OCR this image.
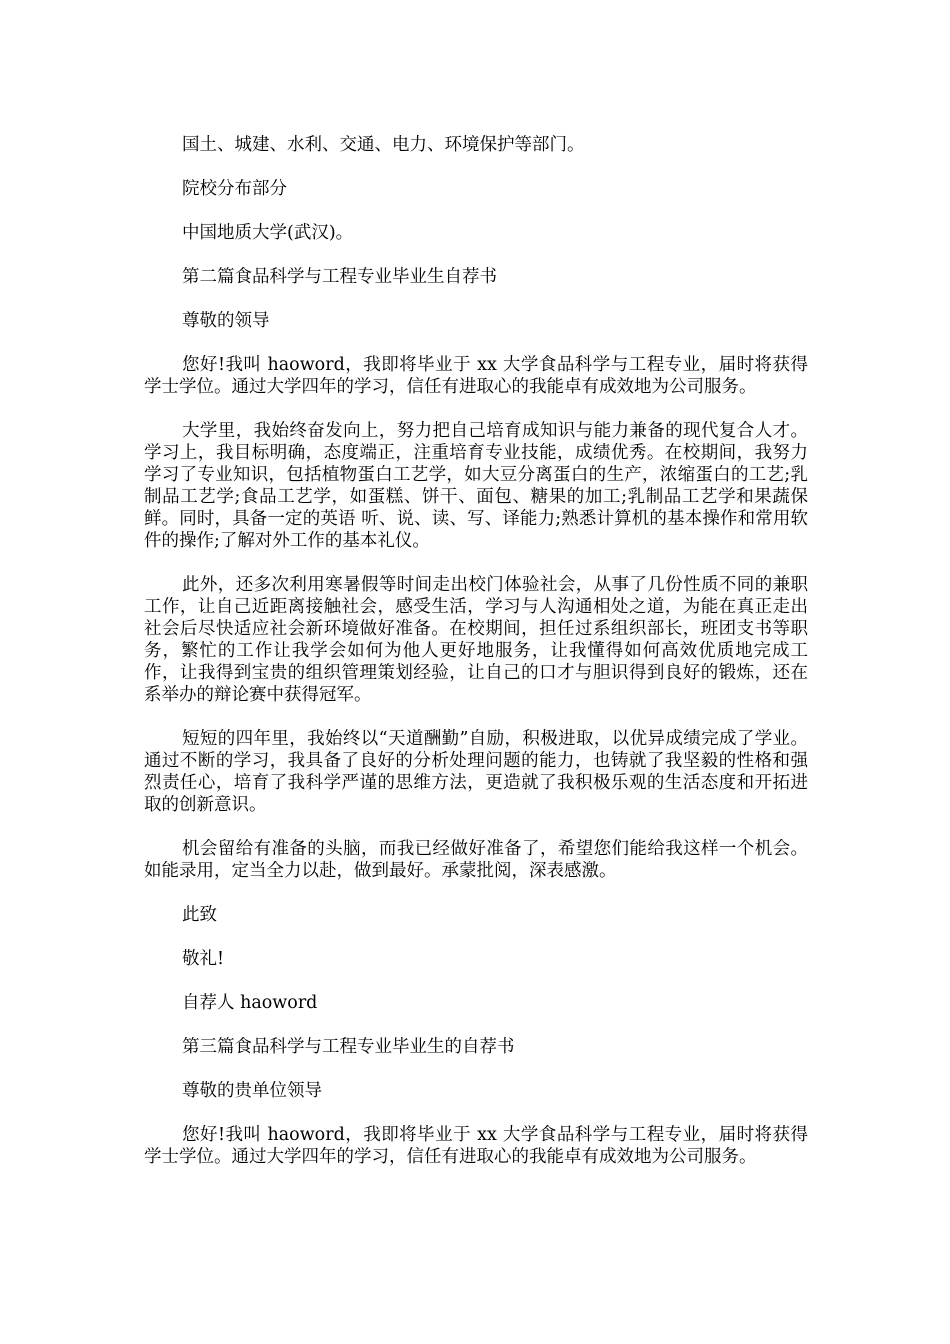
国土、城建、水利、交通、电力、环境保护等部门。

院校分布部分

中国地质大学(武汉)。

第二篇食品科学与工程专业毕业生自荐书

尊敬的领导

您好!我叫 haoword，我即将毕业于 xx 大学食品科学与工程专业，届时将获得学士学位。通过大学四年的学习，信任有进取心的我能卓有成效地为公司服务。

大学里，我始终奋发向上，努力把自己培育成知识与能力兼备的现代复合人才。学习上，我目标明确，态度端正，注重培育专业技能，成绩优秀。在校期间，我努力学习了专业知识，包括植物蛋白工艺学，如大豆分离蛋白的生产，浓缩蛋白的工艺;乳制品工艺学;食品工艺学，如蛋糕、饼干、面包、糖果的加工;乳制品工艺学和果蔬保鲜。同时，具备一定的英语 听、说、读、写、译能力;熟悉计算机的基本操作和常用软件的操作;了解对外工作的基本礼仪。

此外，还多次利用寒暑假等时间走出校门体验社会，从事了几份性质不同的兼职工作，让自己近距离接触社会，感受生活，学习与人沟通相处之道，为能在真正走出社会后尽快适应社会新环境做好准备。在校期间，担任过系组织部长，班团支书等职务，繁忙的工作让我学会如何为他人更好地服务，让我懂得如何高效优质地完成工作，让我得到宝贵的组织管理策划经验，让自己的口才与胆识得到良好的锻炼，还在系举办的辩论赛中获得冠军。

短短的四年里，我始终以“天道酬勤”自励，积极进取，以优异成绩完成了学业。通过不断的学习，我具备了良好的分析处理问题的能力，也铸就了我坚毅的性格和强烈责任心，培育了我科学严谨的思维方法，更造就了我积极乐观的生活态度和开拓进取的创新意识。

机会留给有准备的头脑，而我已经做好准备了，希望您们能给我这样一个机会。如能录用，定当全力以赴，做到最好。承蒙批阅，深表感激。

此致

敬礼!

自荐人 haoword

第三篇食品科学与工程专业毕业生的自荐书

尊敬的贵单位领导

您好!我叫 haoword，我即将毕业于 xx 大学食品科学与工程专业，届时将获得学士学位。通过大学四年的学习，信任有进取心的我能卓有成效地为公司服务。
